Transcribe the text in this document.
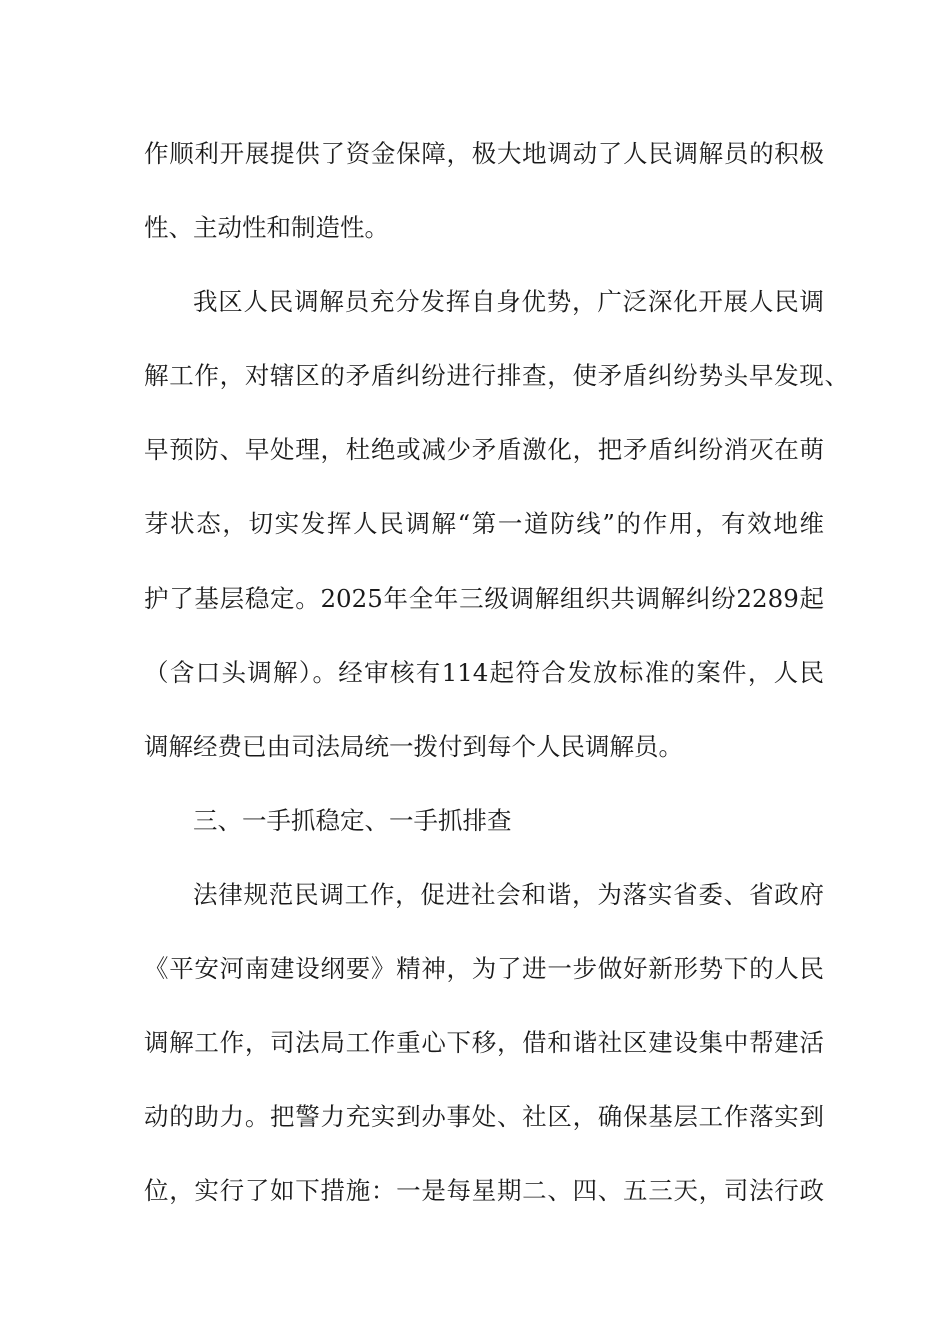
作顺利开展提供了资金保障，极大地调动了人民调解员的积极
性、主动性和制造性。
我区人民调解员充分发挥自身优势，广泛深化开展人民调
解工作，对辖区的矛盾纠纷进行排查，使矛盾纠纷势头早发现、
早预防、早处理，杜绝或减少矛盾激化，把矛盾纠纷消灭在萌
芽状态，切实发挥人民调解“第一道防线”的作用，有效地维
护了基层稳定。2025年全年三级调解组织共调解纠纷2289起
（含口头调解）。经审核有114起符合发放标准的案件，人民
调解经费已由司法局统一拨付到每个人民调解员。
三、一手抓稳定、一手抓排查
法律规范民调工作，促进社会和谐，为落实省委、省政府
《平安河南建设纲要》精神，为了进一步做好新形势下的人民
调解工作，司法局工作重心下移，借和谐社区建设集中帮建活
动的助力。把警力充实到办事处、社区，确保基层工作落实到
位，实行了如下措施：一是每星期二、四、五三天，司法行政
